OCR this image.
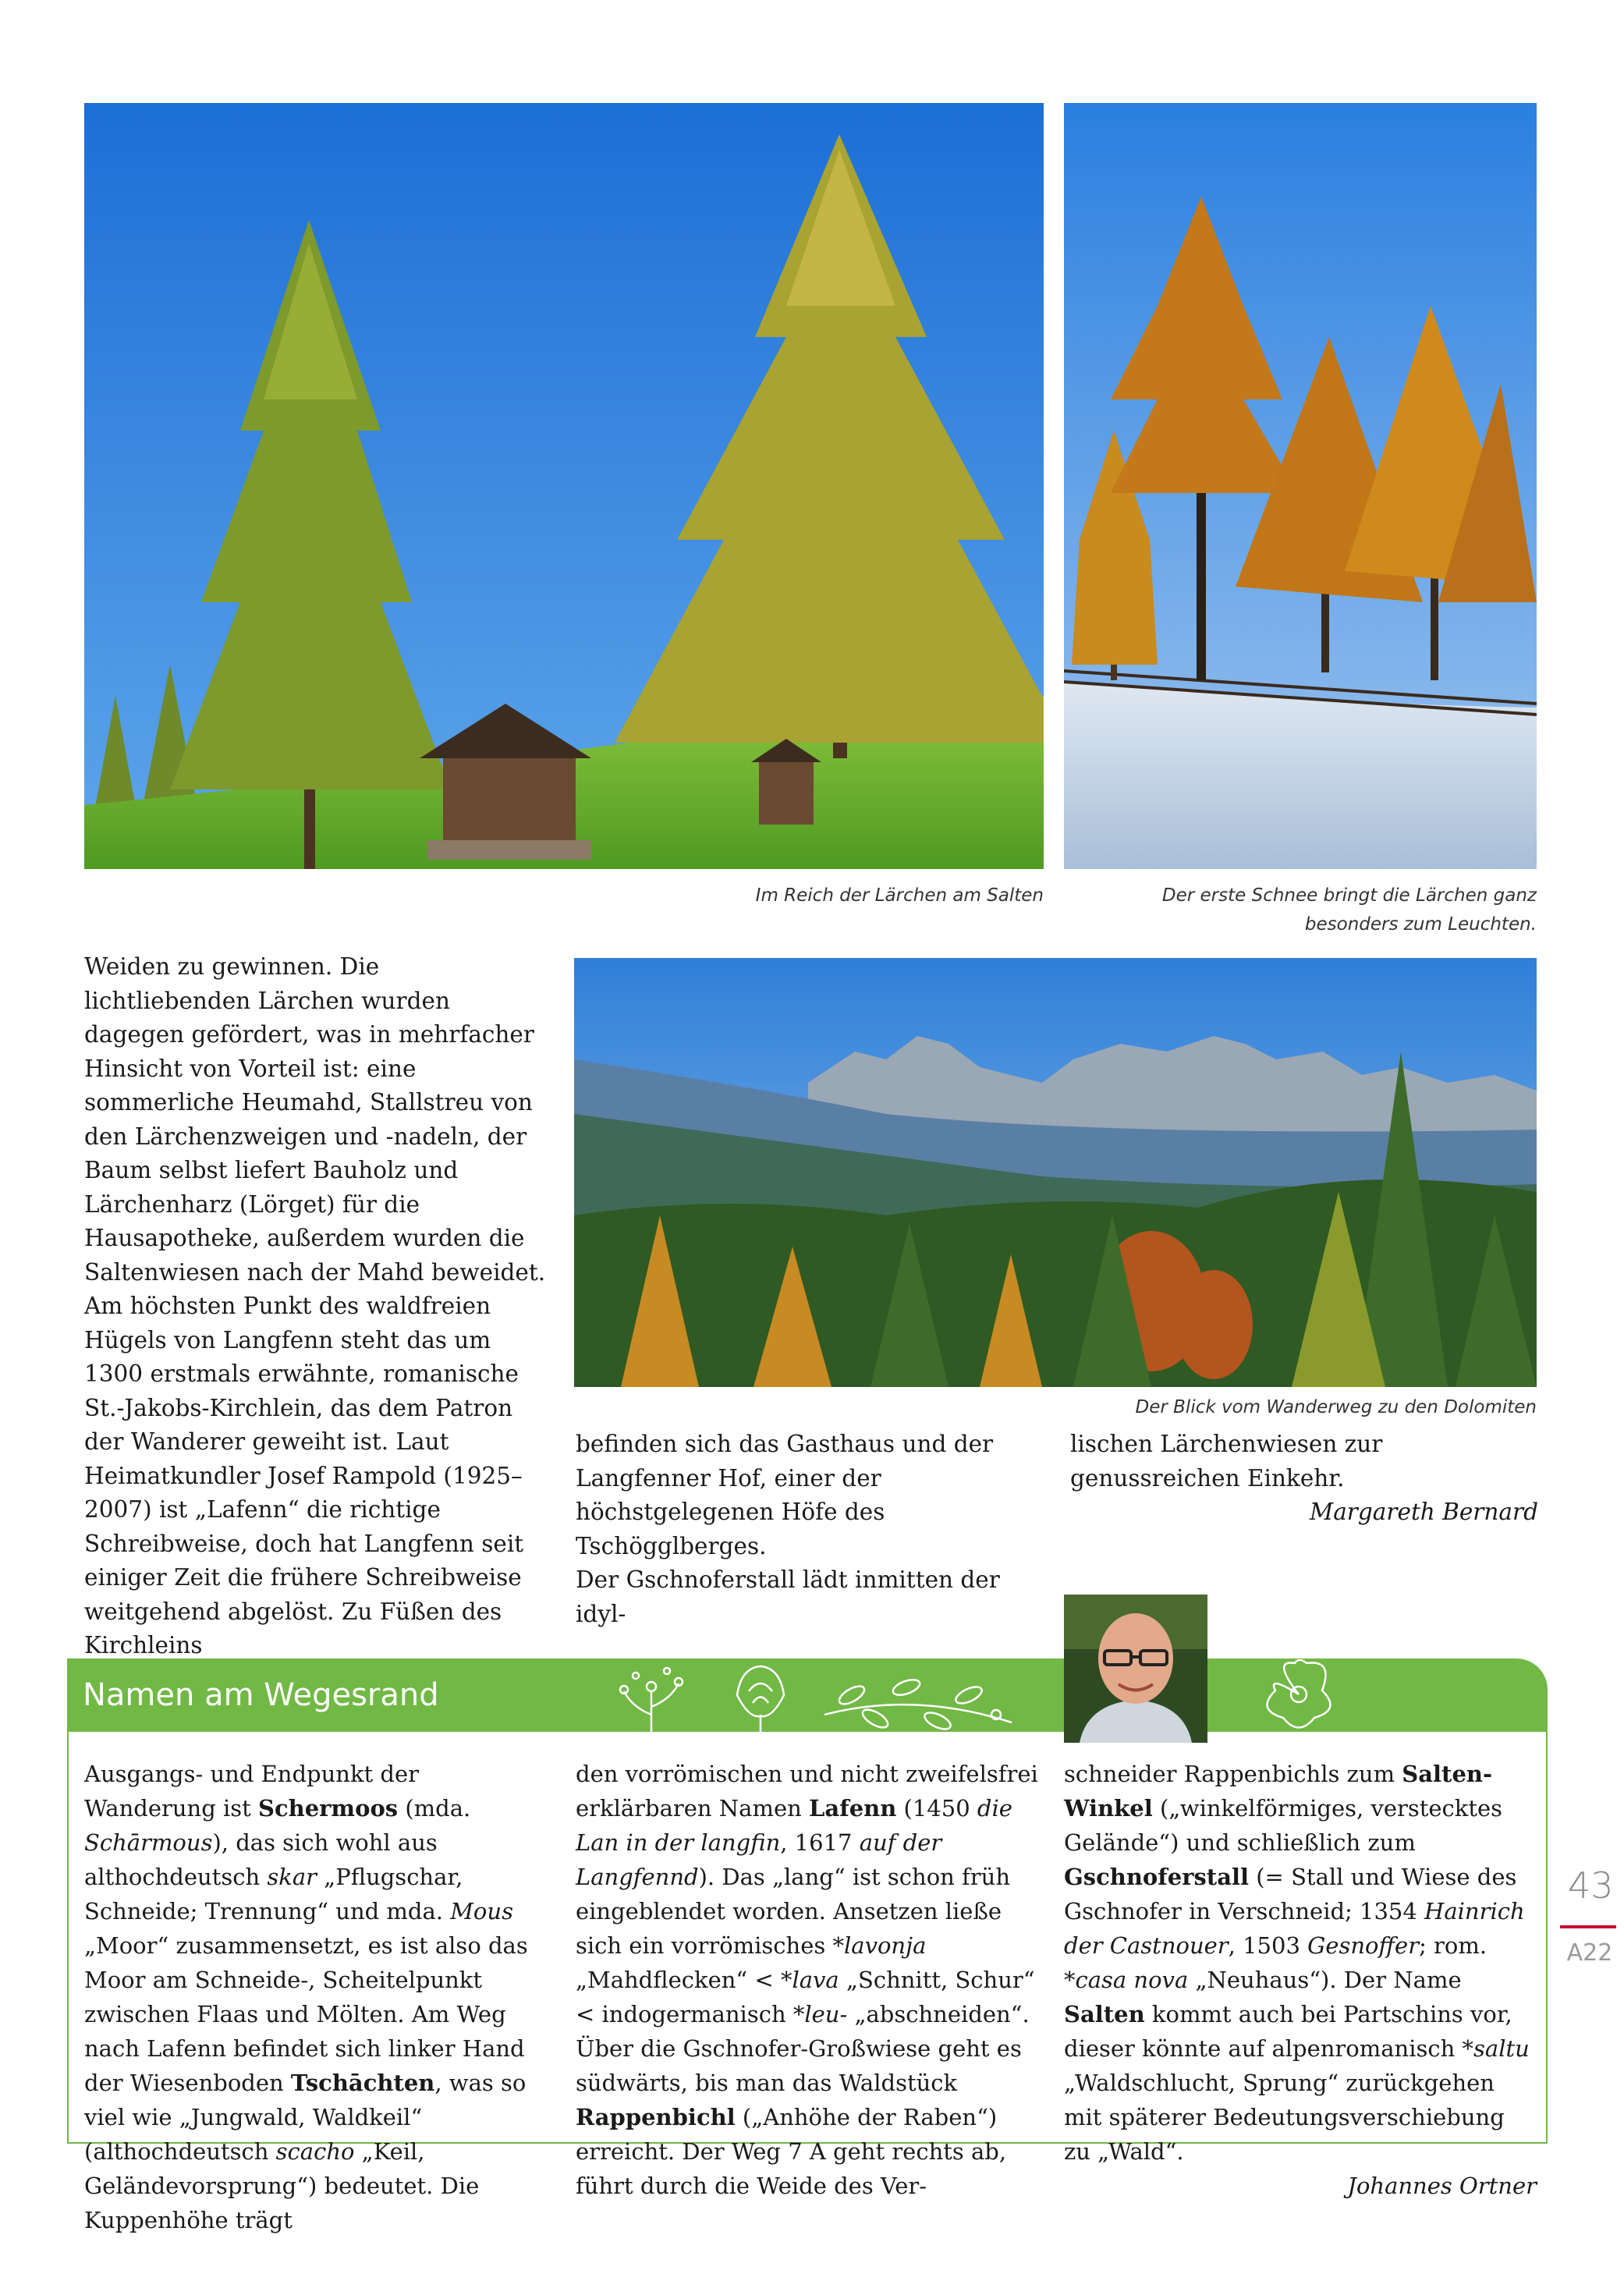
Im Reich der Lärchen am Salten	Der erste Schnee bringt die Lärchen ganz besonders zum Leuchten.
Der Blick vom Wanderweg zu den Dolomiten

Weiden zu gewinnen. Die lichtliebenden Lärchen wurden dagegen gefördert, was in mehrfacher Hinsicht von Vorteil ist: eine sommerliche Heumahd, Stallstreu von den Lärchenzweigen und -nadeln, der Baum selbst liefert Bauholz und Lärchenharz (Lörget) für die Hausapotheke, außerdem wurden die Saltenwiesen nach der Mahd beweidet.

Am höchsten Punkt des waldfreien Hügels von Langfenn steht das um 1300 erstmals erwähnte, romanische St.-Jakobs-Kirchlein, das dem Patron der Wanderer geweiht ist. Laut Heimatkundler Josef Rampold (1925–2007) ist „Lafenn“ die richtige Schreibweise, doch hat Langfenn seit einiger Zeit die frühere Schreibweise weitgehend abgelöst. Zu Füßen des Kirchleins

befinden sich das Gasthaus und der Langfenner Hof, einer der höchstgelegenen Höfe des Tschögglberges.

Der Gschnoferstall lädt inmitten der idyl-

lischen Lärchenwiesen zur genussreichen Einkehr.

Margareth Bernard

Namen am Wegesrand

Ausgangs- und Endpunkt der Wanderung ist Schermoos (mda. Schārmous), das sich wohl aus althochdeutsch skar „Pflugschar, Schneide; Trennung“ und mda. Mous „Moor“ zusammensetzt, es ist also das Moor am Schneide-, Scheitelpunkt zwischen Flaas und Mölten. Am Weg nach Lafenn befindet sich linker Hand der Wiesenboden Tschāchten, was so viel wie „Jungwald, Waldkeil“ (althochdeutsch scacho „Keil, Geländevorsprung“) bedeutet. Die Kuppenhöhe trägt

den vorrömischen und nicht zweifelsfrei erklärbaren Namen Lafenn (1450 die Lan in der langfin, 1617 auf der Langfennd). Das „lang“ ist schon früh eingeblendet worden. Ansetzen ließe sich ein vorrömisches *lavonja „Mahdflecken“ < *lava „Schnitt, Schur“ < indogermanisch *leu- „abschneiden“. Über die Gschnofer-Großwiese geht es südwärts, bis man das Waldstück Rappenbichl („Anhöhe der Raben“) erreicht. Der Weg 7 A geht rechts ab, führt durch die Weide des Ver-

schneider Rappenbichls zum Salten-Winkel („winkelförmiges, verstecktes Gelände“) und schließlich zum Gschnoferstall (= Stall und Wiese des Gschnofer in Verschneid; 1354 Hainrich der Castnouer, 1503 Gesnoffer; rom. *casa nova „Neuhaus“). Der Name Salten kommt auch bei Partschins vor, dieser könnte auf alpenromanisch *saltu „Waldschlucht, Sprung“ zurückgehen mit späterer Bedeutungsverschiebung zu „Wald“.

Johannes Ortner

43
A22
